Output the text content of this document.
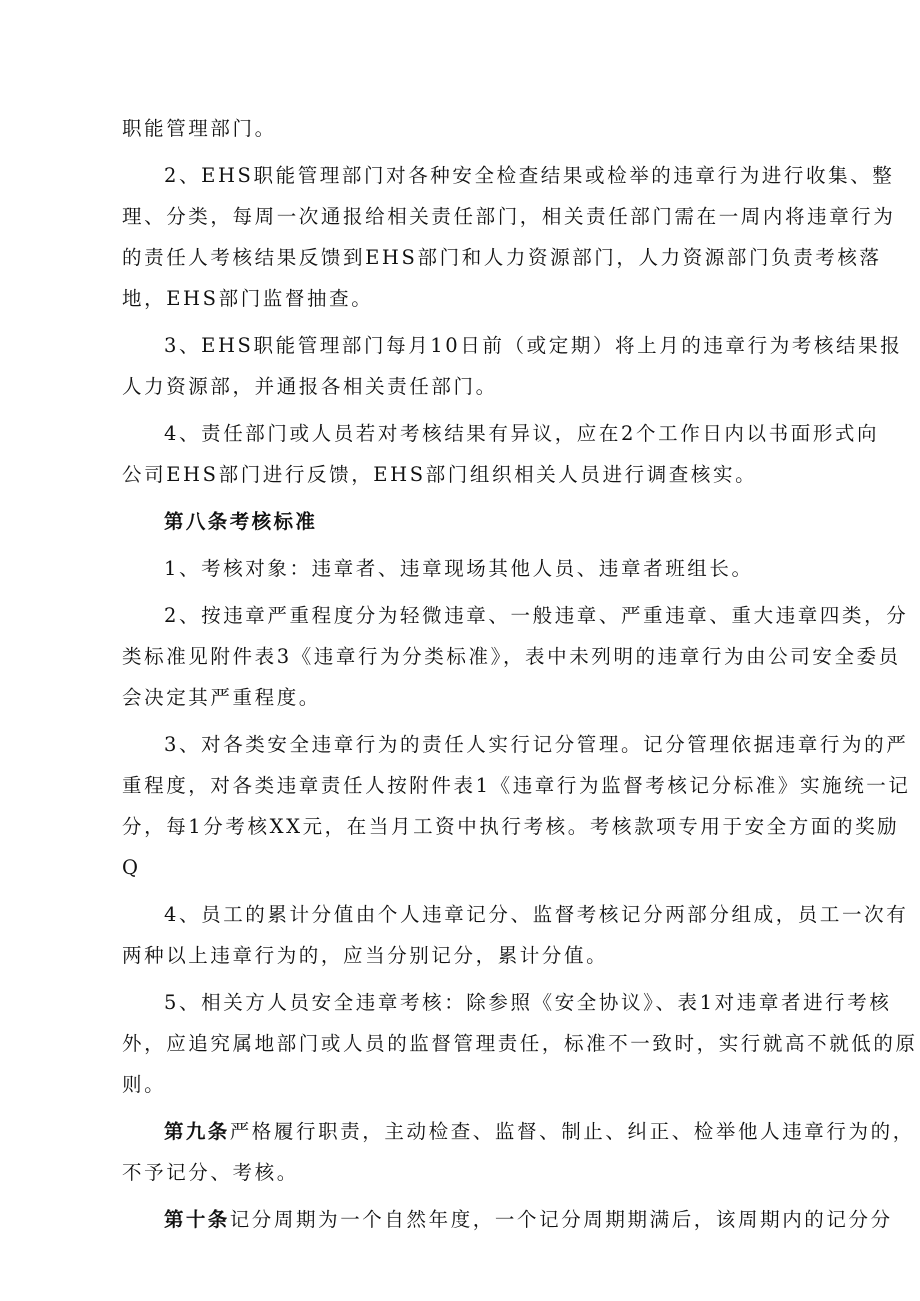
职能管理部门。
2、EHS职能管理部门对各种安全检查结果或检举的违章行为进行收集、整
理、分类，每周一次通报给相关责任部门，相关责任部门需在一周内将违章行为
的责任人考核结果反馈到EHS部门和人力资源部门，人力资源部门负责考核落
地，EHS部门监督抽查。
3、EHS职能管理部门每月10日前（或定期）将上月的违章行为考核结果报
人力资源部，并通报各相关责任部门。
4、责任部门或人员若对考核结果有异议，应在2个工作日内以书面形式向
公司EHS部门进行反馈，EHS部门组织相关人员进行调查核实。
第八条考核标准
1、考核对象：违章者、违章现场其他人员、违章者班组长。
2、按违章严重程度分为轻微违章、一般违章、严重违章、重大违章四类，分
类标准见附件表3《违章行为分类标准》，表中未列明的违章行为由公司安全委员
会决定其严重程度。
3、对各类安全违章行为的责任人实行记分管理。记分管理依据违章行为的严
重程度，对各类违章责任人按附件表1《违章行为监督考核记分标准》实施统一记
分，每1分考核XX元，在当月工资中执行考核。考核款项专用于安全方面的奖励
Q
4、员工的累计分值由个人违章记分、监督考核记分两部分组成，员工一次有
两种以上违章行为的，应当分别记分，累计分值。
5、相关方人员安全违章考核：除参照《安全协议》、表1对违章者进行考核
外，应追究属地部门或人员的监督管理责任，标准不一致时，实行就高不就低的原
则。
第九条严格履行职责，主动检查、监督、制止、纠正、检举他人违章行为的，
不予记分、考核。
第十条记分周期为一个自然年度，一个记分周期期满后，该周期内的记分分
